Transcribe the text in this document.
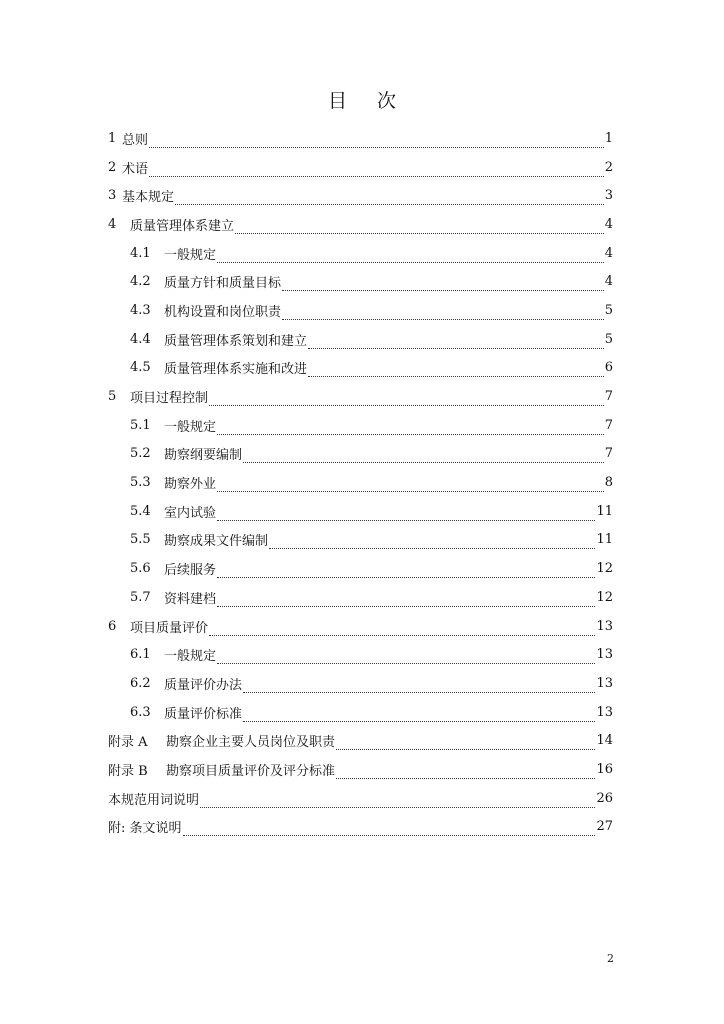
目 次
1 总则	1
2 术语	2
3 基本规定	3
4	质量管理体系建立	4
4.1	一般规定	4
4.2	质量方针和质量目标	4
4.3	机构设置和岗位职责	5
4.4	质量管理体系策划和建立	5
4.5	质量管理体系实施和改进	6
5	项目过程控制	7
5.1	一般规定	7
5.2	勘察纲要编制	7
5.3	勘察外业	8
5.4	室内试验	11
5.5	勘察成果文件编制	11
5.6	后续服务	12
5.7	资料建档	12
6	项目质量评价	13
6.1	一般规定	13
6.2	质量评价办法	13
6.3	质量评价标准	13
附录 A	勘察企业主要人员岗位及职责	14
附录 B	勘察项目质量评价及评分标准	16
本规范用词说明	26
附: 条文说明	27
2
